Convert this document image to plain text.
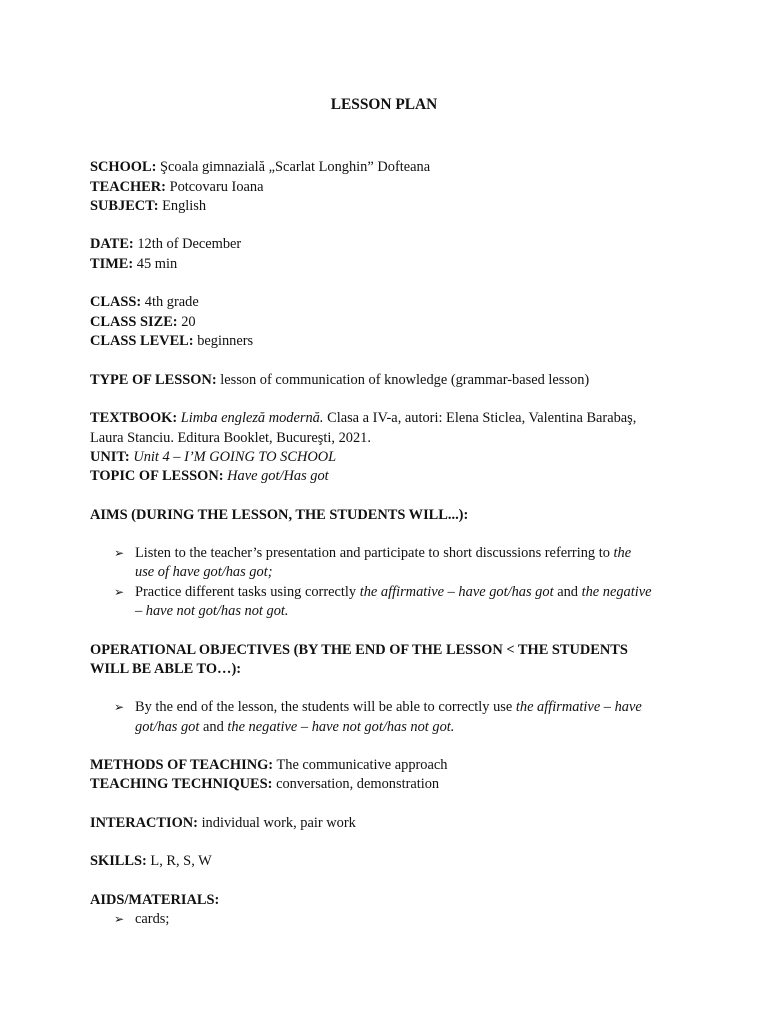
LESSON PLAN
SCHOOL: Şcoala gimnazială „Scarlat Longhin” Dofteana
TEACHER: Potcovaru Ioana
SUBJECT: English
DATE: 12th of December
TIME: 45 min
CLASS: 4th grade
CLASS SIZE: 20
CLASS LEVEL: beginners
TYPE OF LESSON: lesson of communication of knowledge (grammar-based lesson)
TEXTBOOK: Limba engleză modernă. Clasa a IV-a, autori: Elena Sticlea, Valentina Barabaş,
Laura Stanciu. Editura Booklet, Bucureşti, 2021.
UNIT: Unit 4 – I’M GOING TO SCHOOL
TOPIC OF LESSON: Have got/Has got
AIMS (DURING THE LESSON, THE STUDENTS WILL...):
➢ Listen to the teacher’s presentation and participate to short discussions referring to the
use of have got/has got;
➢ Practice different tasks using correctly the affirmative – have got/has got and the negative
– have not got/has not got.
OPERATIONAL OBJECTIVES (BY THE END OF THE LESSON < THE STUDENTS
WILL BE ABLE TO…):
➢ By the end of the lesson, the students will be able to correctly use the affirmative – have
got/has got and the negative – have not got/has not got.
METHODS OF TEACHING: The communicative approach
TEACHING TECHNIQUES: conversation, demonstration
INTERACTION: individual work, pair work
SKILLS: L, R, S, W
AIDS/MATERIALS:
➢ cards;
